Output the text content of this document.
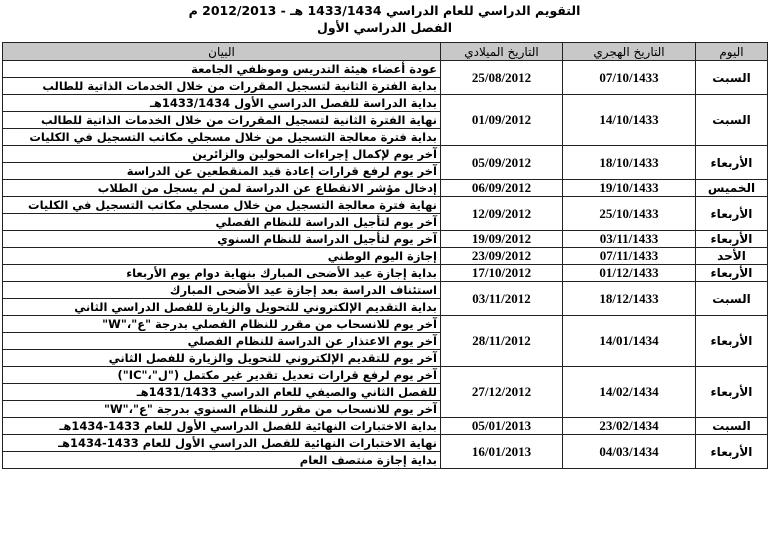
التقويم الدراسي للعام الدراسي 1433/1434 هـ - 2012/2013 م
الفصل الدراسي الأول
اليوم	التاريخ الهجري	التاريخ الميلادي	البيان
السبت	07/10/1433	25/08/2012	عودة أعضاء هيئة التدريس وموظفي الجامعة
بداية الفترة الثانية لتسجيل المقررات من خلال الخدمات الذاتية للطالب

السبت	14/10/1433	01/09/2012	بداية الدراسة للفصل الدراسي الأول 1433/1434هـ
نهاية الفترة الثانية لتسجيل المقررات من خلال الخدمات الذاتية للطالب
بداية فترة معالجة التسجيل من خلال مسجلي مكاتب التسجيل في الكليات

الأربعاء	18/10/1433	05/09/2012	آخر يوم لإكمال إجراءات المحولين والزائرين
آخر يوم لرفع قرارات إعادة قيد المنقطعين عن الدراسة

الخميس	19/10/1433	06/09/2012	إدخال مؤشر الانقطاع عن الدراسة لمن لم يسجل من الطلاب

الأربعاء	25/10/1433	12/09/2012	نهاية فترة معالجة التسجيل من خلال مسجلي مكاتب التسجيل في الكليات
آخر يوم لتأجيل الدراسة للنظام الفصلي

الأربعاء	03/11/1433	19/09/2012	آخر يوم لتأجيل الدراسة للنظام السنوي

الأحد	07/11/1433	23/09/2012	إجازة اليوم الوطني

الأربعاء	01/12/1433	17/10/2012	بداية إجازة عيد الأضحى المبارك بنهاية دوام يوم الأربعاء

السبت	18/12/1433	03/11/2012	استئناف الدراسة بعد إجازة عيد الأضحى المبارك
بداية التقديم الإلكتروني للتحويل والزيارة للفصل الدراسي الثاني

الأربعاء	14/01/1434	28/11/2012	آخر يوم للانسحاب من مقرر للنظام الفصلي بدرجة "ع"،"W"
آخر يوم الاعتذار عن الدراسة للنظام الفصلي
آخر يوم للتقديم الإلكتروني للتحويل والزيارة للفصل الثاني

الأربعاء	14/02/1434	27/12/2012	آخر يوم لرفع قرارات تعديل تقدير غير مكتمل ("ل"،"IC")
للفصل الثاني والصيفي للعام الدراسي 1431/1433هـ
آخر يوم للانسحاب من مقرر للنظام السنوي بدرجة "ع"،"W"

السبت	23/02/1434	05/01/2013	بداية الاختبارات النهائية للفصل الدراسي الأول للعام 1433-1434هـ

الأربعاء	04/03/1434	16/01/2013	نهاية الاختبارات النهائية للفصل الدراسي الأول للعام 1433-1434هـ
بداية إجازة منتصف العام
